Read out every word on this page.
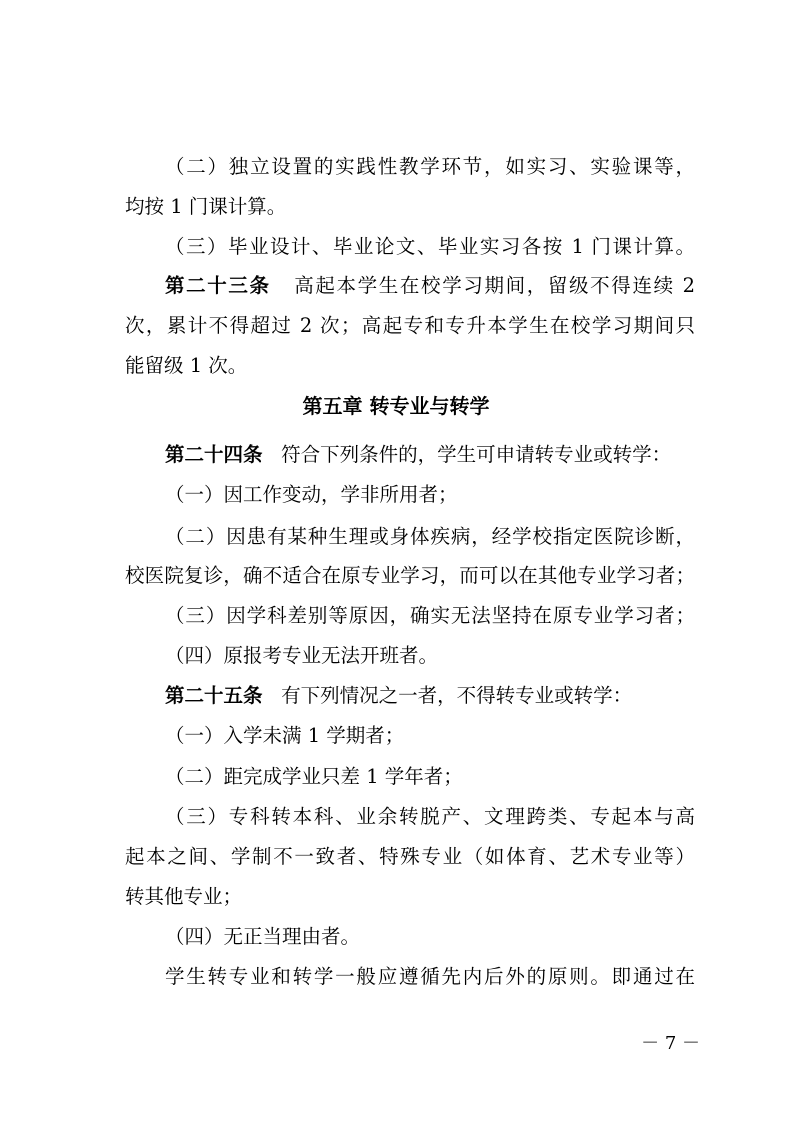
（二）独立设置的实践性教学环节，如实习、实验课等，
均按 1 门课计算。
（三）毕业设计、毕业论文、毕业实习各按 1 门课计算。
第二十三条 高起本学生在校学习期间，留级不得连续 2
次，累计不得超过 2 次；高起专和专升本学生在校学习期间只
能留级 1 次。
第五章 转专业与转学
第二十四条 符合下列条件的，学生可申请转专业或转学：
（一）因工作变动，学非所用者；
（二）因患有某种生理或身体疾病，经学校指定医院诊断，
校医院复诊，确不适合在原专业学习，而可以在其他专业学习者；
（三）因学科差别等原因，确实无法坚持在原专业学习者；
（四）原报考专业无法开班者。
第二十五条 有下列情况之一者，不得转专业或转学：
（一）入学未满 1 学期者；
（二）距完成学业只差 1 学年者；
（三）专科转本科、业余转脱产、文理跨类、专起本与高
起本之间、学制不一致者、特殊专业（如体育、艺术专业等）
转其他专业；
（四）无正当理由者。
学生转专业和转学一般应遵循先内后外的原则。即通过在
－ 7 －
